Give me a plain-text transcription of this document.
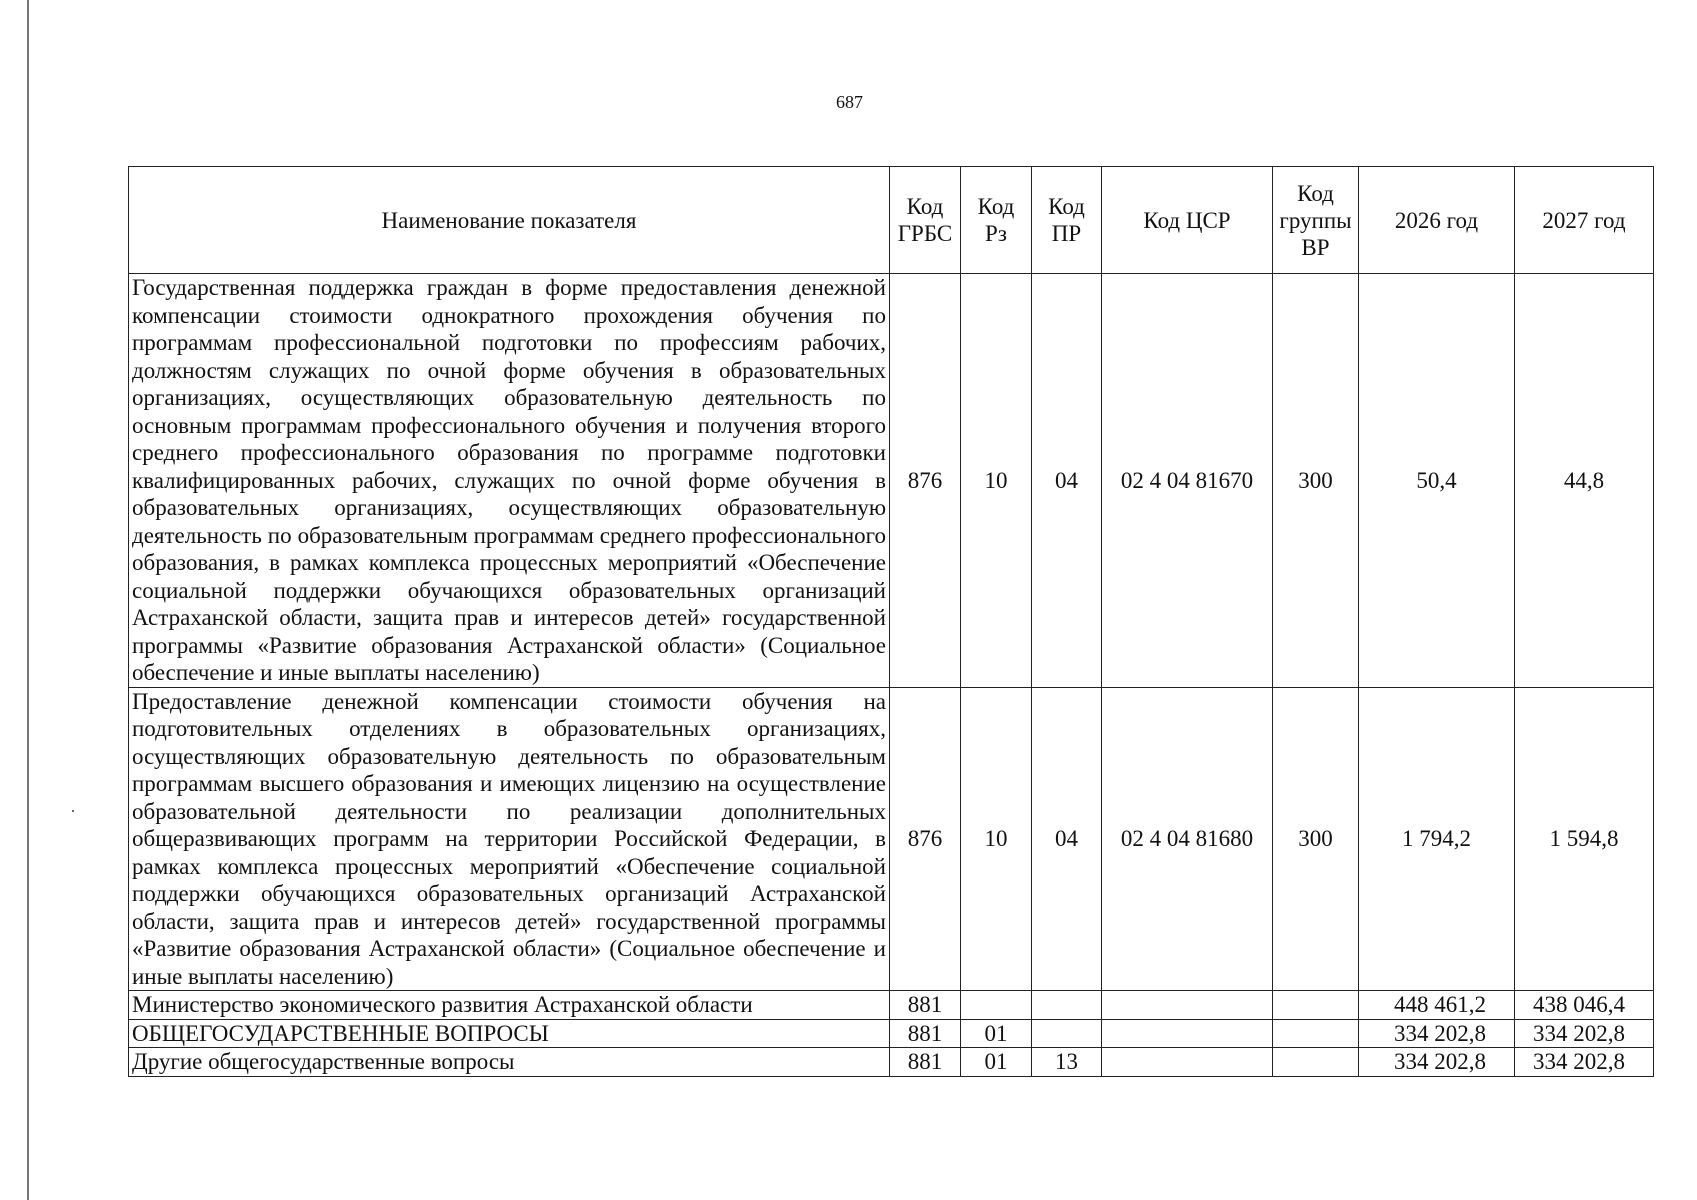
687
Наименование показателя	Код ГРБС	Код Рз	Код ПР	Код ЦСР	Код группы ВР	2026 год	2027 год
Государственная поддержка граждан в форме предоставления денежной компенсации стоимости однократного прохождения обучения по программам профессиональной подготовки по профессиям рабочих, должностям служащих по очной форме обучения в образовательных организациях, осуществляющих образовательную деятельность по основным программам профессионального обучения и получения второго среднего профессионального образования по программе подготовки квалифицированных рабочих, служащих по очной форме обучения в образовательных организациях, осуществляющих образовательную деятельность по образовательным программам среднего профессионального образования, в рамках комплекса процессных мероприятий «Обеспечение социальной поддержки обучающихся образовательных организаций Астраханской области, защита прав и интересов детей» государственной программы «Развитие образования Астраханской области» (Социальное обеспечение и иные выплаты населению)	876	10	04	02 4 04 81670	300	50,4	44,8
Предоставление денежной компенсации стоимости обучения на подготовительных отделениях в образовательных организациях, осуществляющих образовательную деятельность по образовательным программам высшего образования и имеющих лицензию на осуществление образовательной деятельности по реализации дополнительных общеразвивающих программ на территории Российской Федерации, в рамках комплекса процессных мероприятий «Обеспечение социальной поддержки обучающихся образовательных организаций Астраханской области, защита прав и интересов детей» государственной программы «Развитие образования Астраханской области» (Социальное обеспечение и иные выплаты населению)	876	10	04	02 4 04 81680	300	1 794,2	1 594,8
Министерство экономического развития Астраханской области	881					448 461,2	438 046,4
ОБЩЕГОСУДАРСТВЕННЫЕ ВОПРОСЫ	881	01				334 202,8	334 202,8
Другие общегосударственные вопросы	881	01	13			334 202,8	334 202,8
